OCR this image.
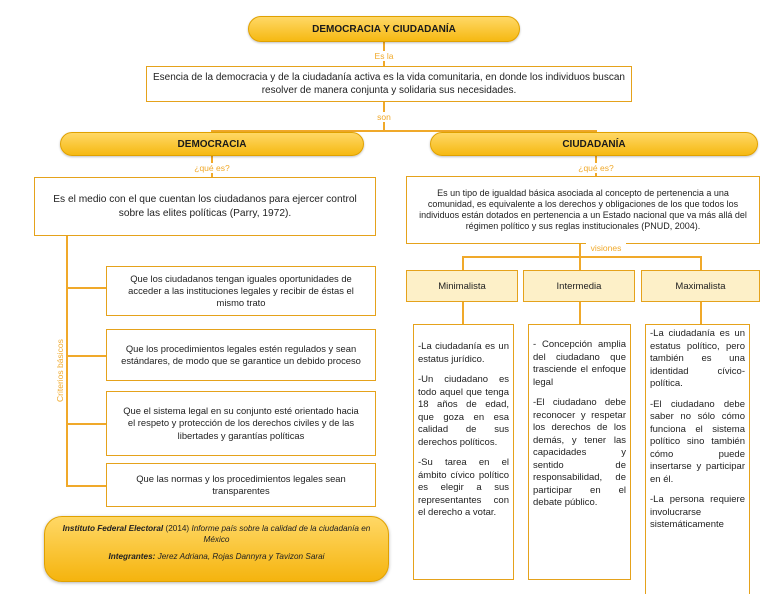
DEMOCRACIA Y CIUDADANÍA
Es la
Esencia de la democracia y de la ciudadanía activa es la vida comunitaria, en donde los individuos buscan resolver de manera conjunta y solidaria sus necesidades.
son
DEMOCRACIA	CIUDADANÍA
¿qué es?	¿qué es?
Es el medio con el que cuentan los ciudadanos para ejercer control sobre las elites políticas (Parry, 1972).
Es un tipo de igualdad básica asociada al concepto de pertenencia a una comunidad, es equivalente a los derechos y obligaciones de los que todos los individuos están dotados en pertenencia a un Estado nacional que va más allá del régimen político y sus reglas institucionales (PNUD, 2004).
Criterios básicos
Que los ciudadanos tengan iguales oportunidades de acceder a las instituciones legales y recibir de éstas el mismo trato
Que los procedimientos legales estén regulados y sean estándares, de modo que se garantice un debido proceso
Que el sistema legal en su conjunto esté orientado hacia el respeto y protección de los derechos civiles y de las libertades y garantías políticas
Que las normas y los procedimientos legales sean transparentes
visiones
Minimalista	Intermedia	Maximalista

-La ciudadanía es un estatus jurídico.

-Un ciudadano es todo aquel que tenga 18 años de edad, que goza en esa calidad de sus derechos políticos.

-Su tarea en el ámbito cívico político es elegir a sus representantes con el derecho a votar.

- Concepción amplia del ciudadano que trasciende el enfoque legal

-El ciudadano debe reconocer y respetar los derechos de los demás, y tener las capacidades y sentido de responsabilidad, de participar en el debate público.

-La ciudadanía es un estatus político, pero también es una identidad cívico-política.

-El ciudadano debe saber no sólo cómo funciona el sistema político sino también cómo puede insertarse y participar en él.

-La persona requiere involucrarse sistemáticamente

Instituto Federal Electoral (2014) Informe país sobre la calidad de la ciudadanía en México
Integrantes: Jerez Adriana, Rojas Dannyra y Tavizon Sarai
